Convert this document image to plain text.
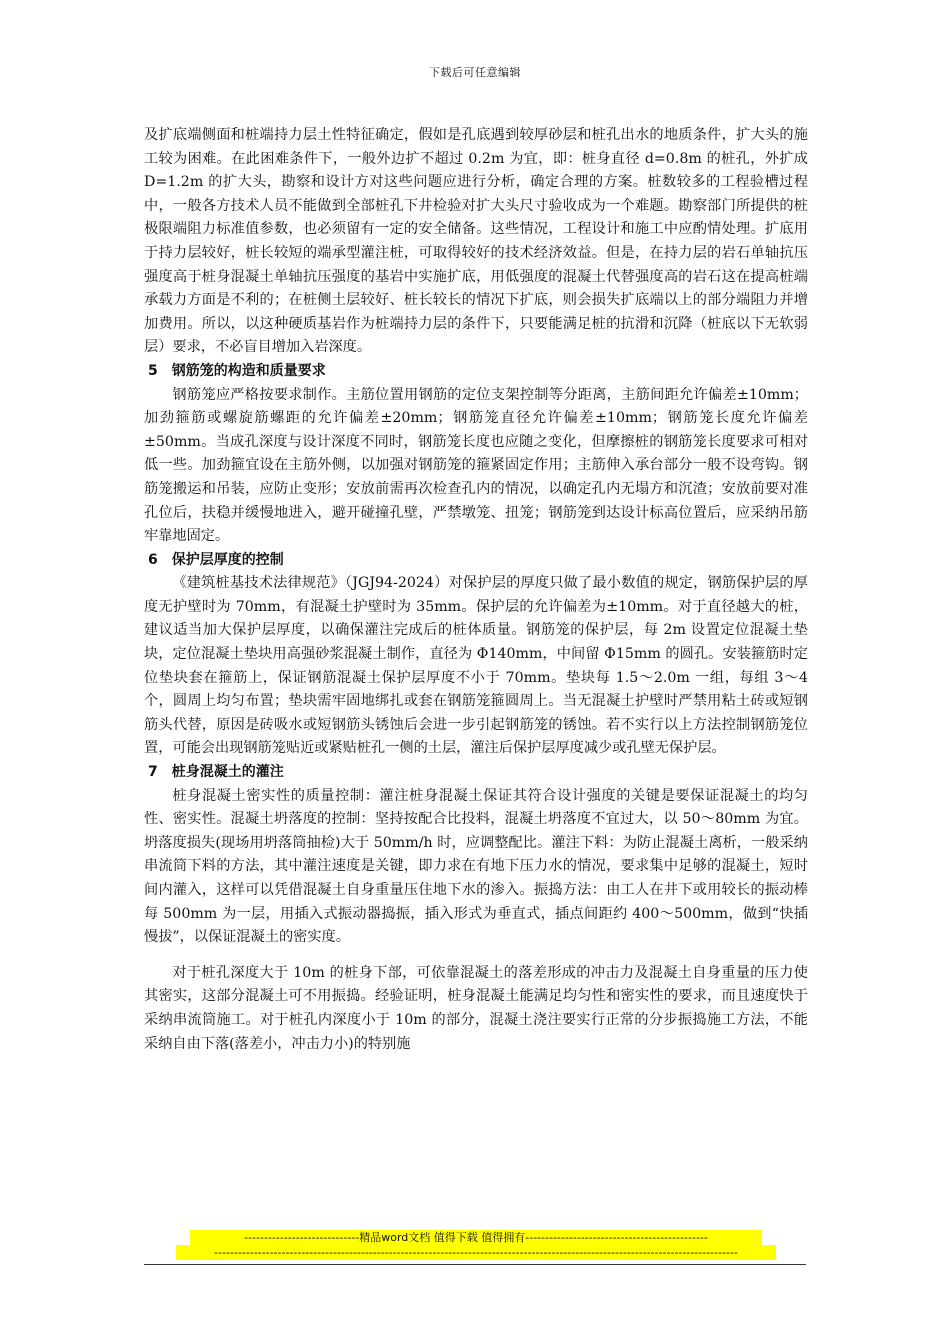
下载后可任意编辑

及扩底端侧面和桩端持力层土性特征确定，假如是孔底遇到较厚砂层和桩孔出水的地质条件，扩大头的施工较为困难。在此困难条件下，一般外边扩不超过 0.2m 为宜，即：桩身直径 d=0.8m 的桩孔，外扩成 D=1.2m 的扩大头，勘察和设计方对这些问题应进行分析，确定合理的方案。桩数较多的工程验槽过程中，一般各方技术人员不能做到全部桩孔下井检验对扩大头尺寸验收成为一个难题。勘察部门所提供的桩极限端阻力标准值参数，也必须留有一定的安全储备。这些情况，工程设计和施工中应酌情处理。扩底用于持力层较好，桩长较短的端承型灌注桩，可取得较好的技术经济效益。但是，在持力层的岩石单轴抗压强度高于桩身混凝土单轴抗压强度的基岩中实施扩底，用低强度的混凝土代替强度高的岩石这在提高桩端承载力方面是不利的；在桩侧土层较好、桩长较长的情况下扩底，则会损失扩底端以上的部分端阻力并增加费用。所以，以这种硬质基岩作为桩端持力层的条件下，只要能满足桩的抗滑和沉降（桩底以下无软弱层）要求，不必盲目增加入岩深度。

5　钢筋笼的构造和质量要求

钢筋笼应严格按要求制作。主筋位置用钢筋的定位支架控制等分距离，主筋间距允许偏差±10mm；加劲箍筋或螺旋筋螺距的允许偏差±20mm；钢筋笼直径允许偏差±10mm；钢筋笼长度允许偏差±50mm。当成孔深度与设计深度不同时，钢筋笼长度也应随之变化，但摩擦桩的钢筋笼长度要求可相对低一些。加劲箍宜设在主筋外侧，以加强对钢筋笼的箍紧固定作用；主筋伸入承台部分一般不设弯钩。钢筋笼搬运和吊装，应防止变形；安放前需再次检查孔内的情况，以确定孔内无塌方和沉渣；安放前要对准孔位后，扶稳并缓慢地进入，避开碰撞孔壁，严禁墩笼、扭笼；钢筋笼到达设计标高位置后，应采纳吊筋牢靠地固定。

6　保护层厚度的控制

《建筑桩基技术法律规范》（JGJ94-2024）对保护层的厚度只做了最小数值的规定，钢筋保护层的厚度无护壁时为 70mm，有混凝土护壁时为 35mm。保护层的允许偏差为±10mm。对于直径越大的桩，建议适当加大保护层厚度，以确保灌注完成后的桩体质量。钢筋笼的保护层，每 2m 设置定位混凝土垫块，定位混凝土垫块用高强砂浆混凝土制作，直径为 Φ140mm，中间留 Φ15mm 的圆孔。安装箍筋时定位垫块套在箍筋上，保证钢筋混凝土保护层厚度不小于 70mm。垫块每 1.5～2.0m 一组，每组 3～4 个，圆周上均匀布置；垫块需牢固地绑扎或套在钢筋笼箍圆周上。当无混凝土护壁时严禁用粘土砖或短钢筋头代替，原因是砖吸水或短钢筋头锈蚀后会进一步引起钢筋笼的锈蚀。若不实行以上方法控制钢筋笼位置，可能会出现钢筋笼贴近或紧贴桩孔一侧的土层，灌注后保护层厚度减少或孔壁无保护层。

7　桩身混凝土的灌注

桩身混凝土密实性的质量控制：灌注桩身混凝土保证其符合设计强度的关键是要保证混凝土的均匀性、密实性。混凝土坍落度的控制：坚持按配合比投料，混凝土坍落度不宜过大，以 50～80mm 为宜。坍落度损失(现场用坍落筒抽检)大于 50mm/h 时，应调整配比。灌注下料：为防止混凝土离析，一般采纳串流筒下料的方法，其中灌注速度是关键，即力求在有地下压力水的情况，要求集中足够的混凝土，短时间内灌入，这样可以凭借混凝土自身重量压住地下水的渗入。振捣方法：由工人在井下或用较长的振动棒每 500mm 为一层，用插入式振动器捣振，插入形式为垂直式，插点间距约 400～500mm，做到“快插慢拔”，以保证混凝土的密实度。

对于桩孔深度大于 10m 的桩身下部，可依靠混凝土的落差形成的冲击力及混凝土自身重量的压力使其密实，这部分混凝土可不用振捣。经验证明，桩身混凝土能满足均匀性和密实性的要求，而且速度快于采纳串流筒施工。对于桩孔内深度小于 10m 的部分，混凝土浇注要实行正常的分步振捣施工方法，不能采纳自由下落(落差小，冲击力小)的特别施

-----------------------------精品word文档 值得下载 值得拥有----------------------------------------------
------------------------------------------------------------------------------------------------------------------------------------
